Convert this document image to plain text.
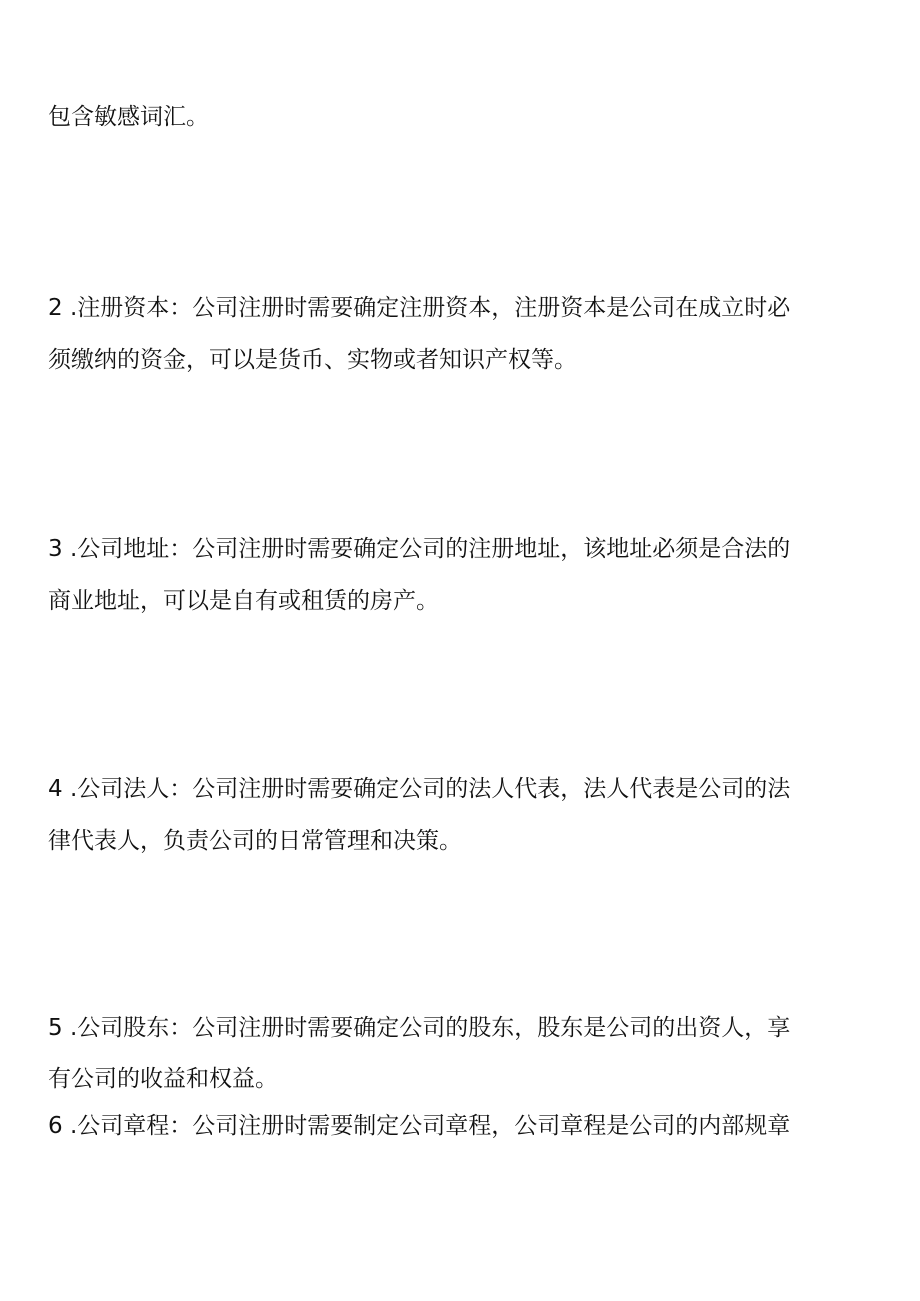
包含敏感词汇。
2 .注册资本：公司注册时需要确定注册资本，注册资本是公司在成立时必
须缴纳的资金，可以是货币、实物或者知识产权等。
3 .公司地址：公司注册时需要确定公司的注册地址，该地址必须是合法的
商业地址，可以是自有或租赁的房产。
4 .公司法人：公司注册时需要确定公司的法人代表，法人代表是公司的法
律代表人，负责公司的日常管理和决策。
5 .公司股东：公司注册时需要确定公司的股东，股东是公司的出资人，享
有公司的收益和权益。
6 .公司章程：公司注册时需要制定公司章程，公司章程是公司的内部规章
